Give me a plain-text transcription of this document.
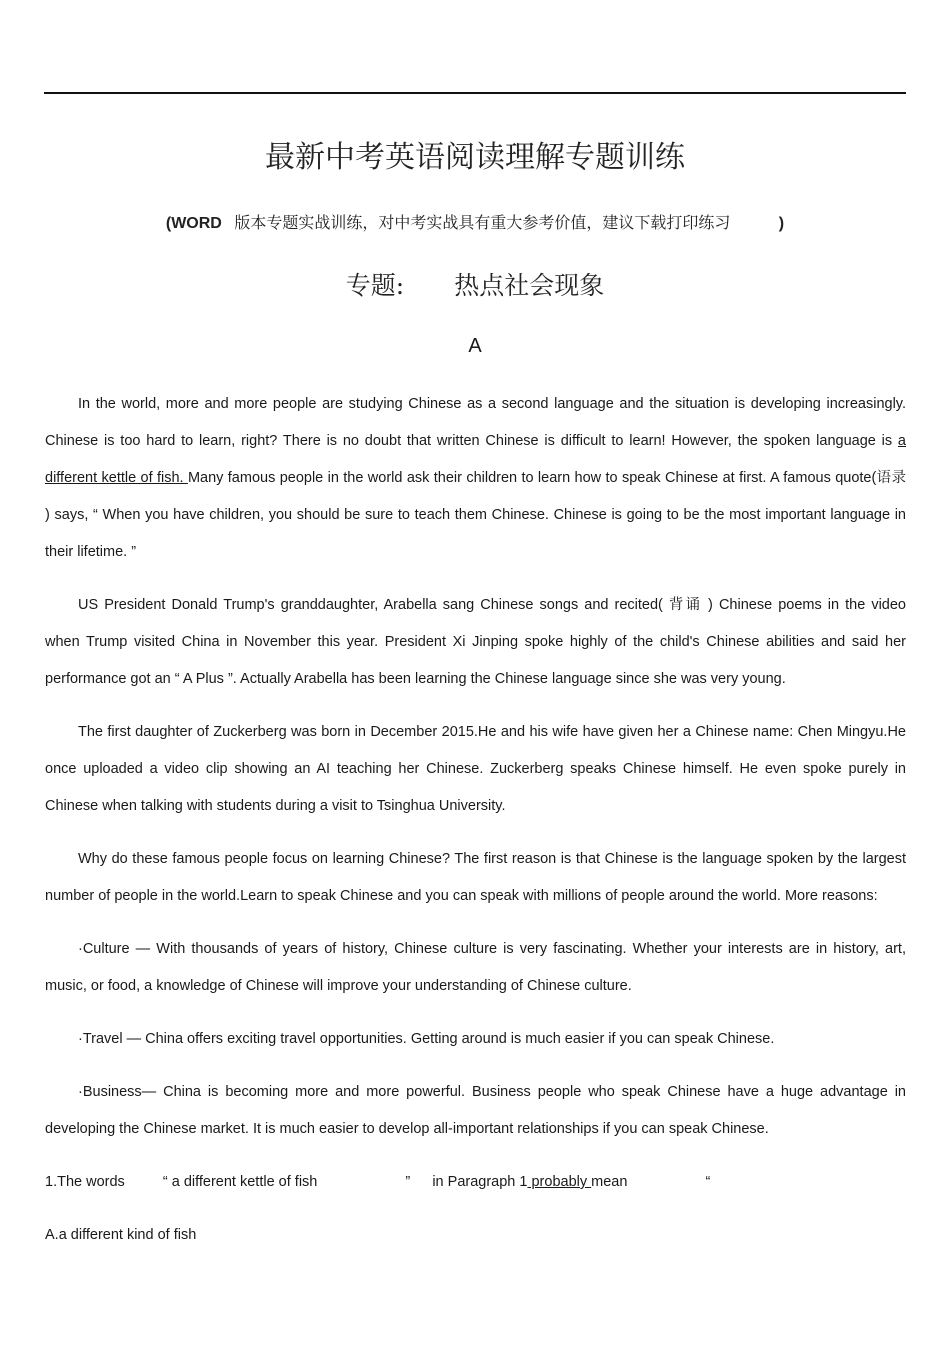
最新中考英语阅读理解专题训练
(WORD 版本专题实战训练，对中考实战具有重大参考价值，建议下载打印练习	)
专题: 热点社会现象
A

In the world, more and more people are studying Chinese as a second language and the situation is developing increasingly. Chinese is too hard to learn, right? There is no doubt that written Chinese is difficult to learn! However, the spoken language is a different kettle of fish. Many famous people in the world ask their children to learn how to speak Chinese at first. A famous quote(语录 ) says, “ When you have children, you should be sure to teach them Chinese. Chinese is going to be the most important language in their lifetime. ”

US President Donald Trump's granddaughter, Arabella sang Chinese songs and recited( 背诵 ) Chinese poems in the video when Trump visited China in November this year. President Xi Jinping spoke highly of the child's Chinese abilities and said her performance got an “ A Plus ”. Actually Arabella has been learning the Chinese language since she was very young.

The first daughter of Zuckerberg was born in December 2015.He and his wife have given her a Chinese name: Chen Mingyu.He once uploaded a video clip showing an AI teaching her Chinese. Zuckerberg speaks Chinese himself. He even spoke purely in Chinese when talking with students during a visit to Tsinghua University.

Why do these famous people focus on learning Chinese? The first reason is that Chinese is the language spoken by the largest number of people in the world.Learn to speak Chinese and you can speak with millions of people around the world. More reasons:

·Culture — With thousands of years of history, Chinese culture is very fascinating. Whether your interests are in history, art, music, or food, a knowledge of Chinese will improve your understanding of Chinese culture.

·Travel — China offers exciting travel opportunities. Getting around is much easier if you can speak Chinese.

·Business— China is becoming more and more powerful. Business people who speak Chinese have a huge advantage in developing the Chinese market. It is much easier to develop all-important relationships if you can speak Chinese.

1.The words	“ a different kettle of fish	” in Paragraph 1 probably mean	“

A.a different kind of fish
